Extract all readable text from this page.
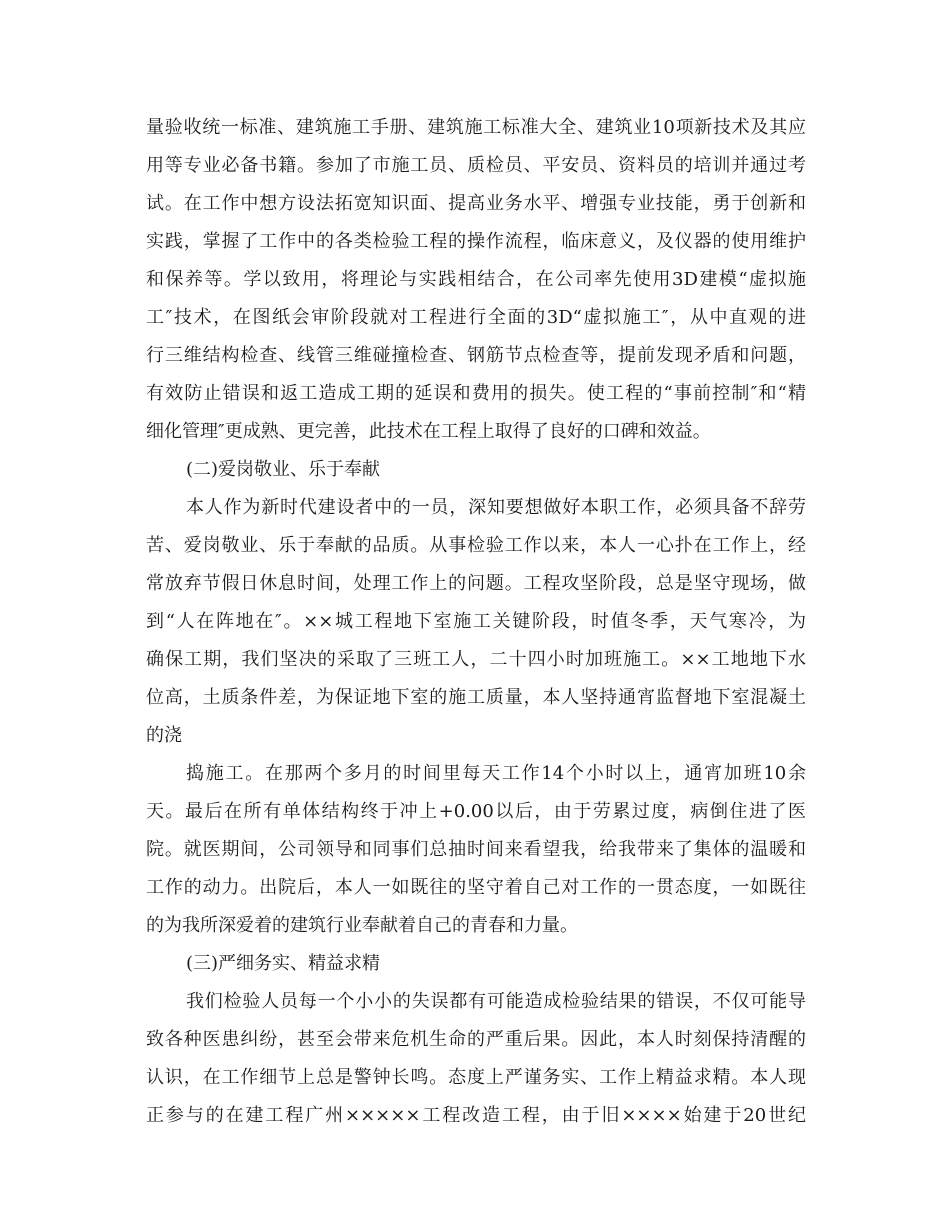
量验收统一标准、建筑施工手册、建筑施工标准大全、建筑业10项新技术及其应
用等专业必备书籍。参加了市施工员、质检员、平安员、资料员的培训并通过考
试。在工作中想方设法拓宽知识面、提高业务水平、增强专业技能，勇于创新和
实践，掌握了工作中的各类检验工程的操作流程，临床意义，及仪器的使用维护
和保养等。学以致用，将理论与实践相结合，在公司率先使用3D建模“虚拟施
工″技术，在图纸会审阶段就对工程进行全面的3D“虚拟施工″，从中直观的进
行三维结构检查、线管三维碰撞检查、钢筋节点检查等，提前发现矛盾和问题，
有效防止错误和返工造成工期的延误和费用的损失。使工程的“事前控制″和“精
细化管理″更成熟、更完善，此技术在工程上取得了良好的口碑和效益。
(二)爱岗敬业、乐于奉献
本人作为新时代建设者中的一员，深知要想做好本职工作，必须具备不辞劳
苦、爱岗敬业、乐于奉献的品质。从事检验工作以来，本人一心扑在工作上，经
常放弃节假日休息时间，处理工作上的问题。工程攻坚阶段，总是坚守现场，做
到“人在阵地在″。××城工程地下室施工关键阶段，时值冬季，天气寒冷，为
确保工期，我们坚决的采取了三班工人，二十四小时加班施工。××工地地下水
位高，土质条件差，为保证地下室的施工质量，本人坚持通宵监督地下室混凝土
的浇
捣施工。在那两个多月的时间里每天工作14个小时以上，通宵加班10余
天。最后在所有单体结构终于冲上+0.00以后，由于劳累过度，病倒住进了医
院。就医期间，公司领导和同事们总抽时间来看望我，给我带来了集体的温暖和
工作的动力。出院后，本人一如既往的坚守着自己对工作的一贯态度，一如既往
的为我所深爱着的建筑行业奉献着自己的青春和力量。
(三)严细务实、精益求精
我们检验人员每一个小小的失误都有可能造成检验结果的错误，不仅可能导
致各种医患纠纷，甚至会带来危机生命的严重后果。因此，本人时刻保持清醒的
认识，在工作细节上总是警钟长鸣。态度上严谨务实、工作上精益求精。本人现
正参与的在建工程广州×××××工程改造工程，由于旧××××始建于20世纪
